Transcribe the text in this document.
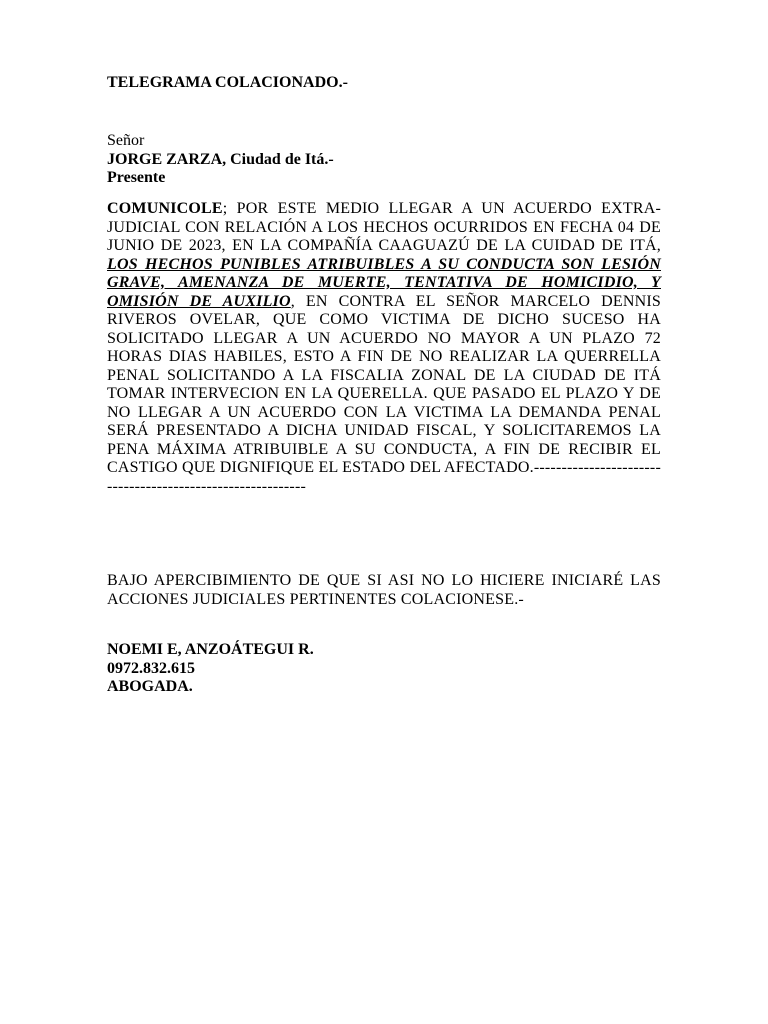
TELEGRAMA COLACIONADO.-
Señor
JORGE ZARZA, Ciudad de Itá.-
Presente
COMUNICOLE; POR ESTE MEDIO LLEGAR A UN ACUERDO EXTRA-JUDICIAL CON RELACIÓN A LOS HECHOS OCURRIDOS EN FECHA 04 DE JUNIO DE 2023, EN LA COMPAÑÍA CAAGUAZÚ DE LA CUIDAD DE ITÁ, LOS HECHOS PUNIBLES ATRIBUIBLES A SU CONDUCTA SON LESIÓN GRAVE, AMENANZA DE MUERTE, TENTATIVA DE HOMICIDIO, Y OMISIÓN DE AUXILIO, EN CONTRA EL SEÑOR MARCELO DENNIS RIVEROS OVELAR, QUE COMO VICTIMA DE DICHO SUCESO HA SOLICITADO LLEGAR A UN ACUERDO NO MAYOR A UN PLAZO 72 HORAS DIAS HABILES, ESTO A FIN DE NO REALIZAR LA QUERRELLA PENAL SOLICITANDO A LA FISCALIA ZONAL DE LA CIUDAD DE ITÁ TOMAR INTERVECION EN LA QUERELLA. QUE PASADO EL PLAZO Y DE NO LLEGAR A UN ACUERDO CON LA VICTIMA LA DEMANDA PENAL SERÁ PRESENTADO A DICHA UNIDAD FISCAL, Y SOLICITAREMOS LA PENA MÁXIMA ATRIBUIBLE A SU CONDUCTA, A FIN DE RECIBIR EL CASTIGO QUE DIGNIFIQUE EL ESTADO DEL AFECTADO.-----------------------------------------------------------
BAJO APERCIBIMIENTO DE QUE SI ASI NO LO HICIERE INICIARÉ LAS ACCIONES JUDICIALES PERTINENTES COLACIONESE.-
NOEMI E, ANZOÁTEGUI R.
0972.832.615
ABOGADA.
